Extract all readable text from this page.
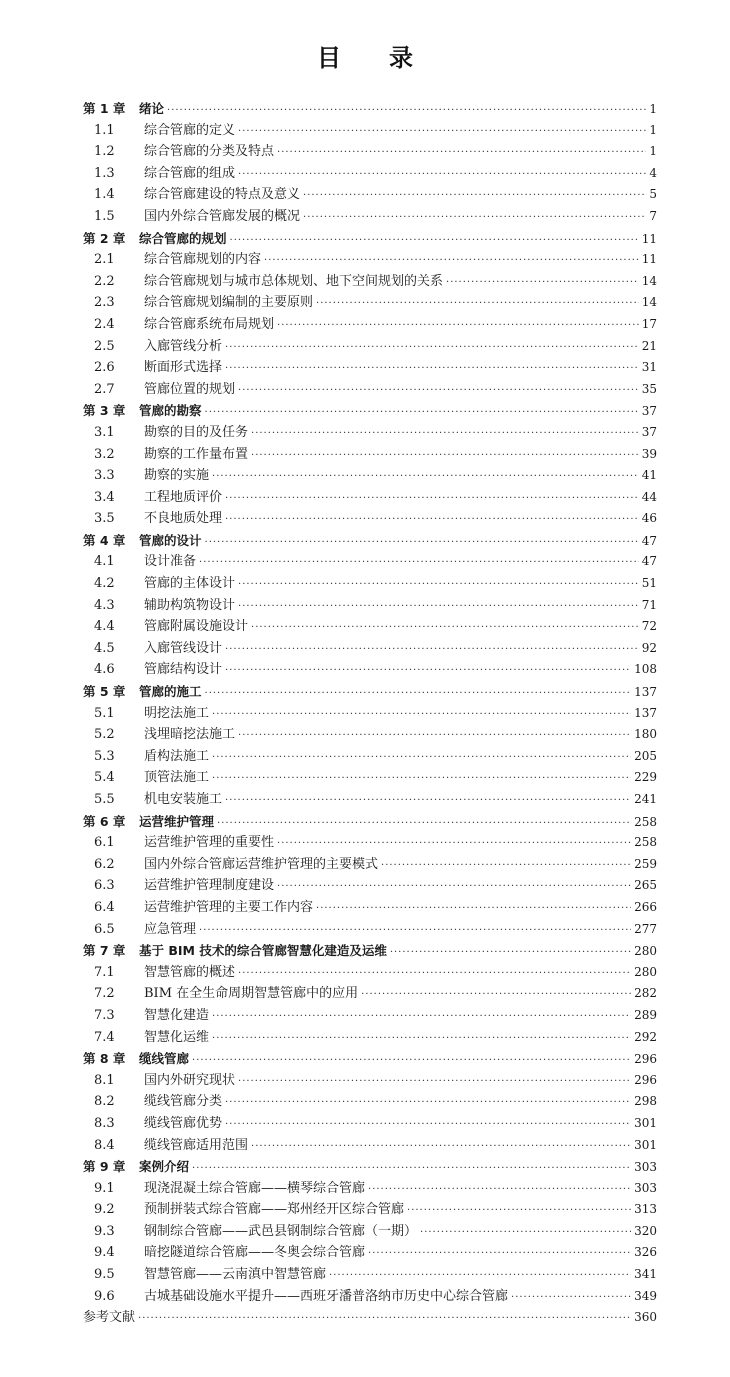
目 录
第 1 章	绪论 ·····	1
1.1	综合管廊的定义 ·····	1
1.2	综合管廊的分类及特点 ·····	1
1.3	综合管廊的组成 ·····	4
1.4	综合管廊建设的特点及意义 ·····	5
1.5	国内外综合管廊发展的概况 ·····	7
第 2 章	综合管廊的规划 ·····	11
2.1	综合管廊规划的内容 ·····	11
2.2	综合管廊规划与城市总体规划、地下空间规划的关系 ·····	14
2.3	综合管廊规划编制的主要原则 ·····	14
2.4	综合管廊系统布局规划 ·····	17
2.5	入廊管线分析 ·····	21
2.6	断面形式选择 ·····	31
2.7	管廊位置的规划 ·····	35
第 3 章	管廊的勘察 ·····	37
3.1	勘察的目的及任务 ·····	37
3.2	勘察的工作量布置 ·····	39
3.3	勘察的实施 ·····	41
3.4	工程地质评价 ·····	44
3.5	不良地质处理 ·····	46
第 4 章	管廊的设计 ·····	47
4.1	设计准备 ·····	47
4.2	管廊的主体设计 ·····	51
4.3	辅助构筑物设计 ·····	71
4.4	管廊附属设施设计 ·····	72
4.5	入廊管线设计 ·····	92
4.6	管廊结构设计 ·····	108
第 5 章	管廊的施工 ·····	137
5.1	明挖法施工 ·····	137
5.2	浅埋暗挖法施工 ·····	180
5.3	盾构法施工 ·····	205
5.4	顶管法施工 ·····	229
5.5	机电安装施工 ·····	241
第 6 章	运营维护管理 ·····	258
6.1	运营维护管理的重要性 ·····	258
6.2	国内外综合管廊运营维护管理的主要模式 ·····	259
6.3	运营维护管理制度建设 ·····	265
6.4	运营维护管理的主要工作内容 ·····	266
6.5	应急管理 ·····	277
第 7 章	基于 BIM 技术的综合管廊智慧化建造及运维 ·····	280
7.1	智慧管廊的概述 ·····	280
7.2	BIM 在全生命周期智慧管廊中的应用 ·····	282
7.3	智慧化建造 ·····	289
7.4	智慧化运维 ·····	292
第 8 章	缆线管廊 ·····	296
8.1	国内外研究现状 ·····	296
8.2	缆线管廊分类 ·····	298
8.3	缆线管廊优势 ·····	301
8.4	缆线管廊适用范围 ·····	301
第 9 章	案例介绍 ·····	303
9.1	现浇混凝土综合管廊——横琴综合管廊 ·····	303
9.2	预制拼装式综合管廊——郑州经开区综合管廊 ·····	313
9.3	钢制综合管廊——武邑县钢制综合管廊（一期） ·····	320
9.4	暗挖隧道综合管廊——冬奥会综合管廊 ·····	326
9.5	智慧管廊——云南滇中智慧管廊 ·····	341
9.6	古城基础设施水平提升——西班牙潘普洛纳市历史中心综合管廊 ·····	349
参考文献 ·····	360
